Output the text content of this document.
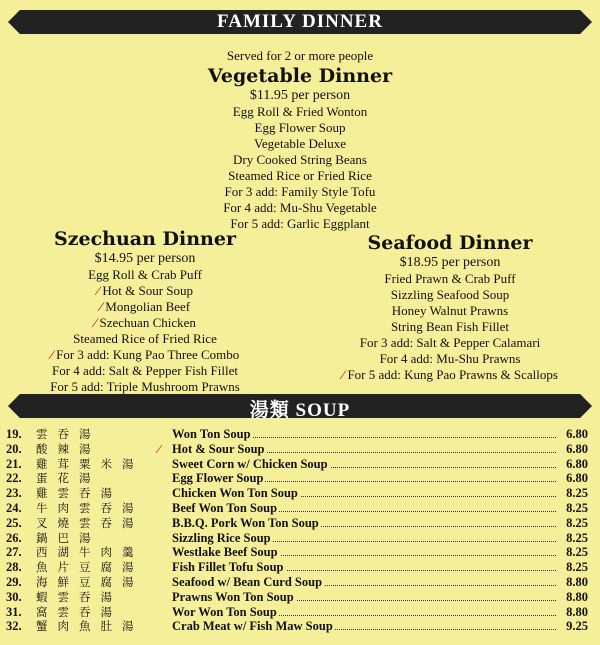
FAMILY DINNER
Served for 2 or more people
Vegetable Dinner
$11.95 per person
Egg Roll & Fried Wonton
Egg Flower Soup
Vegetable Deluxe
Dry Cooked String Beans
Steamed Rice or Fried Rice
For 3 add: Family Style Tofu
For 4 add: Mu-Shu Vegetable
For 5 add: Garlic Eggplant
Szechuan Dinner
$14.95 per person
Egg Roll & Crab Puff
∕ Hot & Sour Soup
∕ Mongolian Beef
∕ Szechuan Chicken
Steamed Rice of Fried Rice
∕ For 3 add: Kung Pao Three Combo
For 4 add: Salt & Pepper Fish Fillet
For 5 add: Triple Mushroom Prawns
Seafood Dinner
$18.95 per person
Fried Prawn & Crab Puff
Sizzling Seafood Soup
Honey Walnut Prawns
String Bean Fish Fillet
For 3 add: Salt & Pepper Calamari
For 4 add: Mu-Shu Prawns
∕ For 5 add: Kung Pao Prawns & Scallops
湯類 SOUP
19.	雲吞湯	Won Ton Soup	6.80
20.	酸辣湯	∕ Hot & Sour Soup	6.80
21.	雞茸粟米湯	Sweet Corn w/ Chicken Soup	6.80
22.	蛋花湯	Egg Flower Soup	6.80
23.	雞雲吞湯	Chicken Won Ton Soup	8.25
24.	牛肉雲吞湯	Beef Won Ton Soup	8.25
25.	叉燒雲吞湯	B.B.Q. Pork Won Ton Soup	8.25
26.	鍋巴湯	Sizzling Rice Soup	8.25
27.	西湖牛肉羹	Westlake Beef Soup	8.25
28.	魚片豆腐湯	Fish Fillet Tofu Soup	8.25
29.	海鮮豆腐湯	Seafood w/ Bean Curd Soup	8.80
30.	蝦雲吞湯	Prawns Won Ton Soup	8.80
31.	窩雲吞湯	Wor Won Ton Soup	8.80
32.	蟹肉魚肚湯	Crab Meat w/ Fish Maw Soup	9.25
